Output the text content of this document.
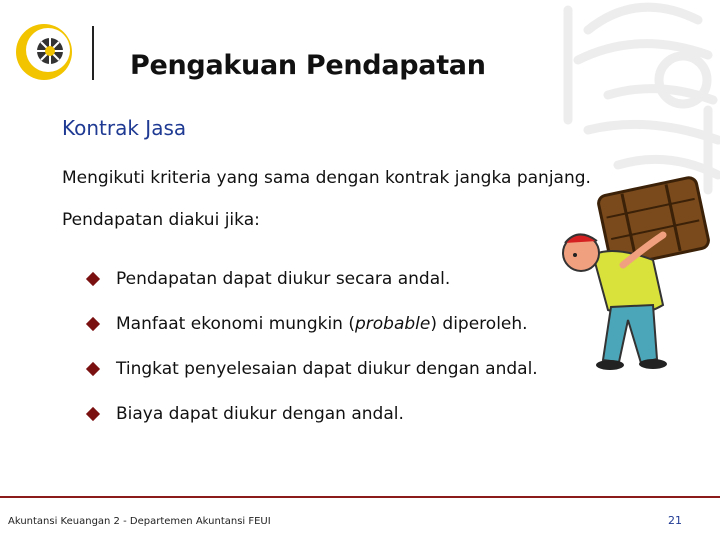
Pengakuan Pendapatan
Kontrak Jasa
Mengikuti kriteria yang sama dengan kontrak jangka panjang.
Pendapatan diakui jika:
Pendapatan dapat diukur secara andal.
Manfaat ekonomi mungkin (probable) diperoleh.
Tingkat penyelesaian dapat diukur dengan andal.
Biaya dapat diukur dengan andal.
Akuntansi Keuangan 2 - Departemen Akuntansi FEUI	21
